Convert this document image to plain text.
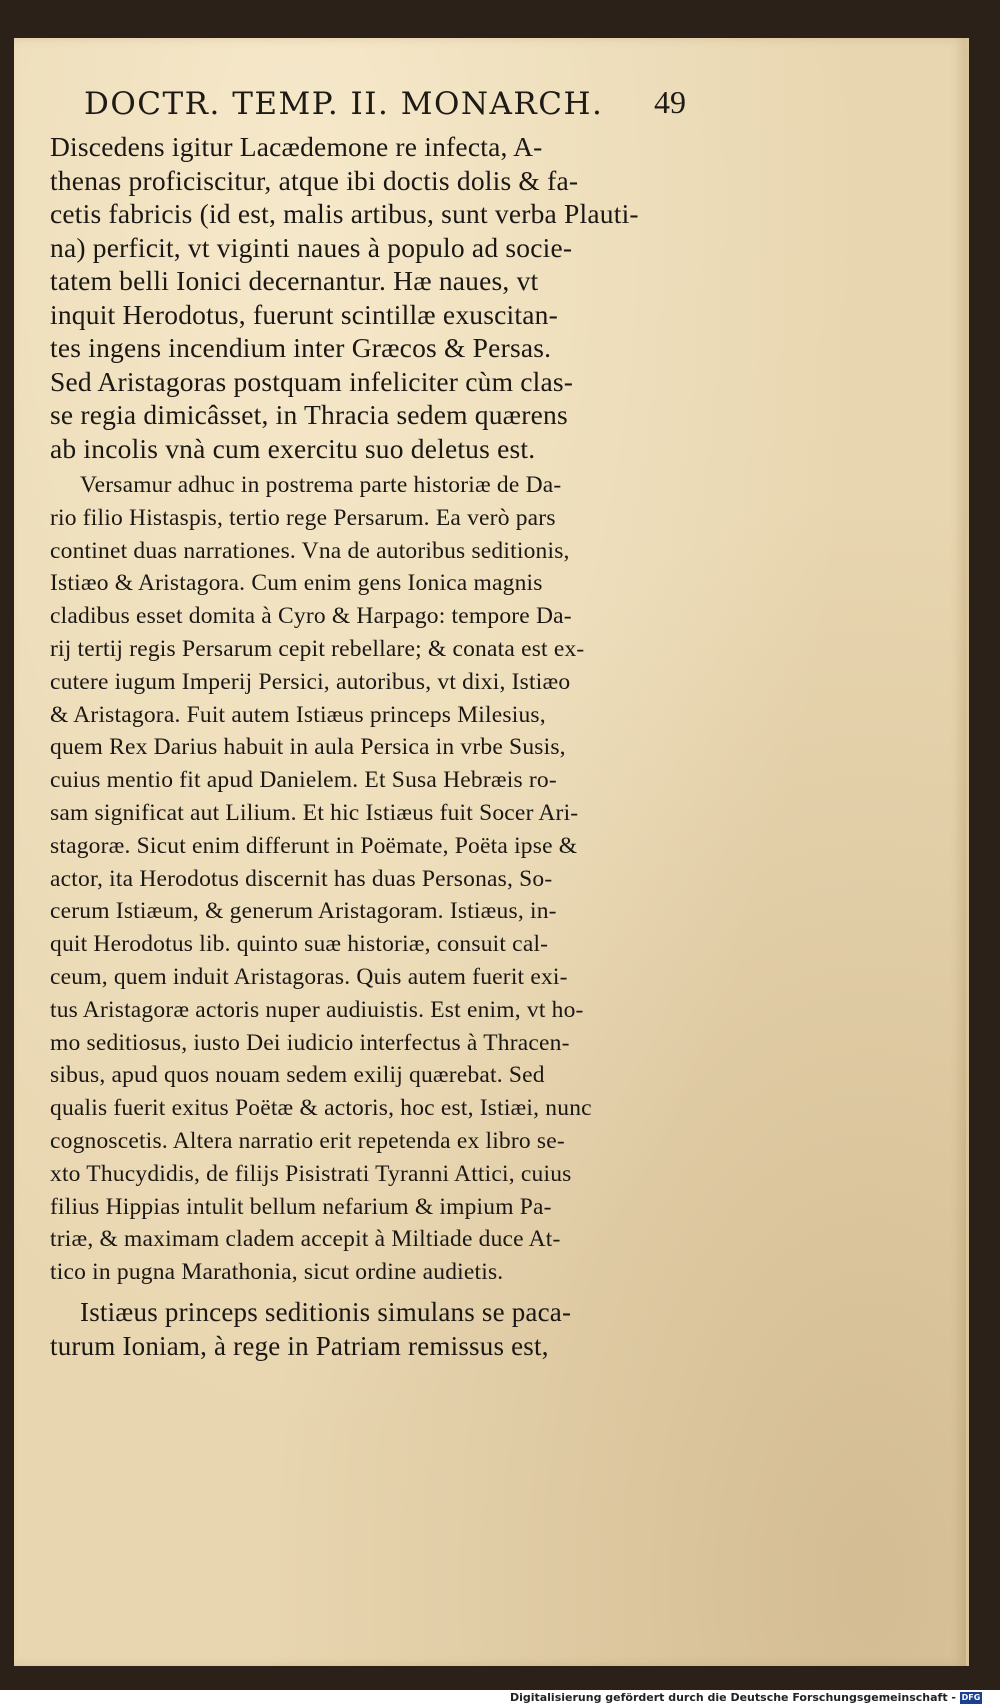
DOCTR. TEMP. II. MONARCH. 49
Discedens igitur Lacædemone re infecta, A-
thenas proficiscitur, atque ibi doctis dolis & fa-
cetis fabricis (id est, malis artibus, sunt verba Plauti-
na) perficit, vt viginti naues à populo ad socie-
tatem belli Ionici decernantur. Hæ naues, vt
inquit Herodotus, fuerunt scintillæ exuscitan-
tes ingens incendium inter Græcos & Persas.
Sed Aristagoras postquam infeliciter cùm clas-
se regia dimicâsset, in Thracia sedem quærens
ab incolis vnà cum exercitu suo deletus est.
Versamur adhuc in postrema parte historiæ de Da-
rio filio Histaspis, tertio rege Persarum. Ea verò pars
continet duas narrationes. Vna de autoribus seditionis,
Istiæo & Aristagora. Cum enim gens Ionica magnis
cladibus esset domita à Cyro & Harpago: tempore Da-
rij tertij regis Persarum cepit rebellare; & conata est ex-
cutere iugum Imperij Persici, autoribus, vt dixi, Istiæo
& Aristagora. Fuit autem Istiæus princeps Milesius,
quem Rex Darius habuit in aula Persica in vrbe Susis,
cuius mentio fit apud Danielem. Et Susa Hebræis ro-
sam significat aut Lilium. Et hic Istiæus fuit Socer Ari-
stagoræ. Sicut enim differunt in Poëmate, Poëta ipse &
actor, ita Herodotus discernit has duas Personas, So-
cerum Istiæum, & generum Aristagoram. Istiæus, in-
quit Herodotus lib. quinto suæ historiæ, consuit cal-
ceum, quem induit Aristagoras. Quis autem fuerit exi-
tus Aristagoræ actoris nuper audiuistis. Est enim, vt ho-
mo seditiosus, iusto Dei iudicio interfectus à Thracen-
sibus, apud quos nouam sedem exilij quærebat. Sed
qualis fuerit exitus Poëtæ & actoris, hoc est, Istiæi, nunc
cognoscetis. Altera narratio erit repetenda ex libro se-
xto Thucydidis, de filijs Pisistrati Tyranni Attici, cuius
filius Hippias intulit bellum nefarium & impium Pa-
triæ, & maximam cladem accepit à Miltiade duce At-
tico in pugna Marathonia, sicut ordine audietis.
Istiæus princeps seditionis simulans se paca-
turum Ioniam, à rege in Patriam remissus est,
Digitalisierung gefördert durch die Deutsche Forschungsgemeinschaft - DFG
